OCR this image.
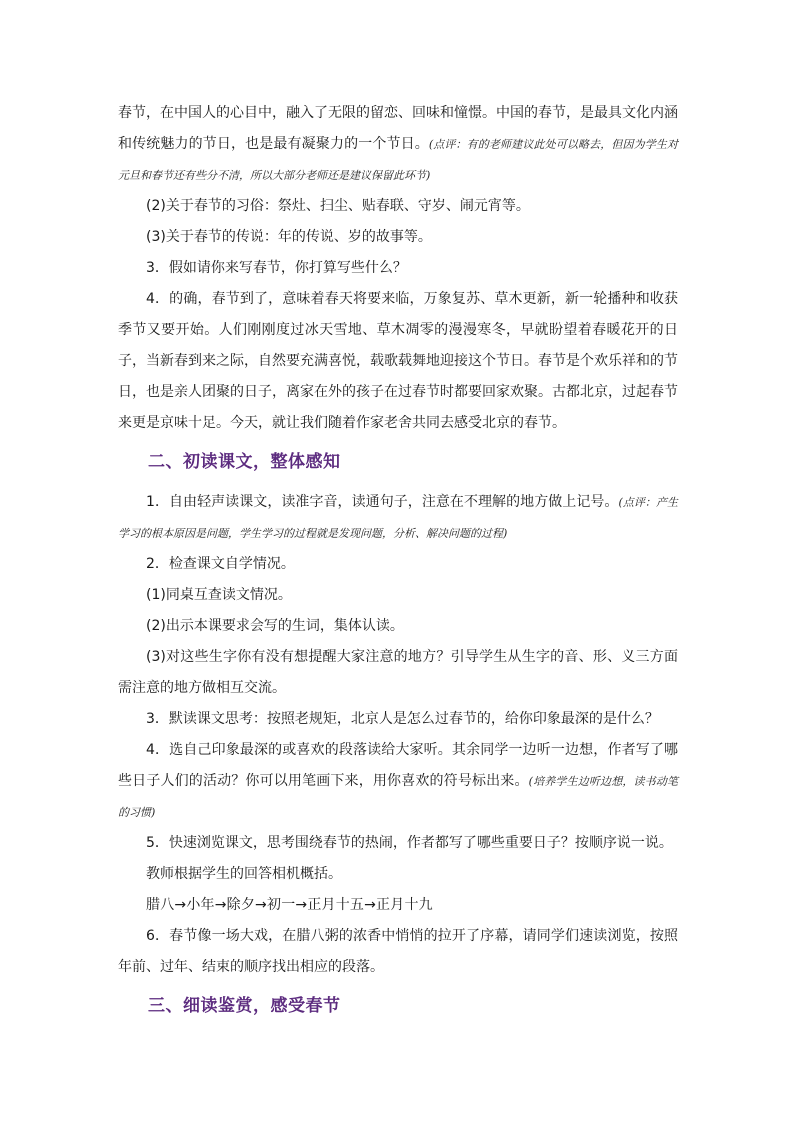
春节，在中国人的心目中，融入了无限的留恋、回味和憧憬。中国的春节，是最具文化内涵和传统魅力的节日，也是最有凝聚力的一个节日。(点评：有的老师建议此处可以略去，但因为学生对元旦和春节还有些分不清，所以大部分老师还是建议保留此环节)

(2)关于春节的习俗：祭灶、扫尘、贴春联、守岁、闹元宵等。

(3)关于春节的传说：年的传说、岁的故事等。

3．假如请你来写春节，你打算写些什么？

4．的确，春节到了，意味着春天将要来临，万象复苏、草木更新，新一轮播种和收获季节又要开始。人们刚刚度过冰天雪地、草木凋零的漫漫寒冬，早就盼望着春暖花开的日子，当新春到来之际，自然要充满喜悦，载歌载舞地迎接这个节日。春节是个欢乐祥和的节日，也是亲人团聚的日子，离家在外的孩子在过春节时都要回家欢聚。古都北京，过起春节来更是京味十足。今天，就让我们随着作家老舍共同去感受北京的春节。

二、初读课文，整体感知

1．自由轻声读课文，读准字音，读通句子，注意在不理解的地方做上记号。(点评：产生学习的根本原因是问题，学生学习的过程就是发现问题，分析、解决问题的过程)

2．检查课文自学情况。

(1)同桌互查读文情况。

(2)出示本课要求会写的生词，集体认读。

(3)对这些生字你有没有想提醒大家注意的地方？引导学生从生字的音、形、义三方面需注意的地方做相互交流。

3．默读课文思考：按照老规矩，北京人是怎么过春节的，给你印象最深的是什么？

4．选自己印象最深的或喜欢的段落读给大家听。其余同学一边听一边想，作者写了哪些日子人们的活动？你可以用笔画下来，用你喜欢的符号标出来。(培养学生边听边想，读书动笔的习惯)

5．快速浏览课文，思考围绕春节的热闹，作者都写了哪些重要日子？按顺序说一说。

教师根据学生的回答相机概括。

腊八→小年→除夕→初一→正月十五→正月十九

6．春节像一场大戏，在腊八粥的浓香中悄悄的拉开了序幕，请同学们速读浏览，按照年前、过年、结束的顺序找出相应的段落。

三、细读鉴赏，感受春节
